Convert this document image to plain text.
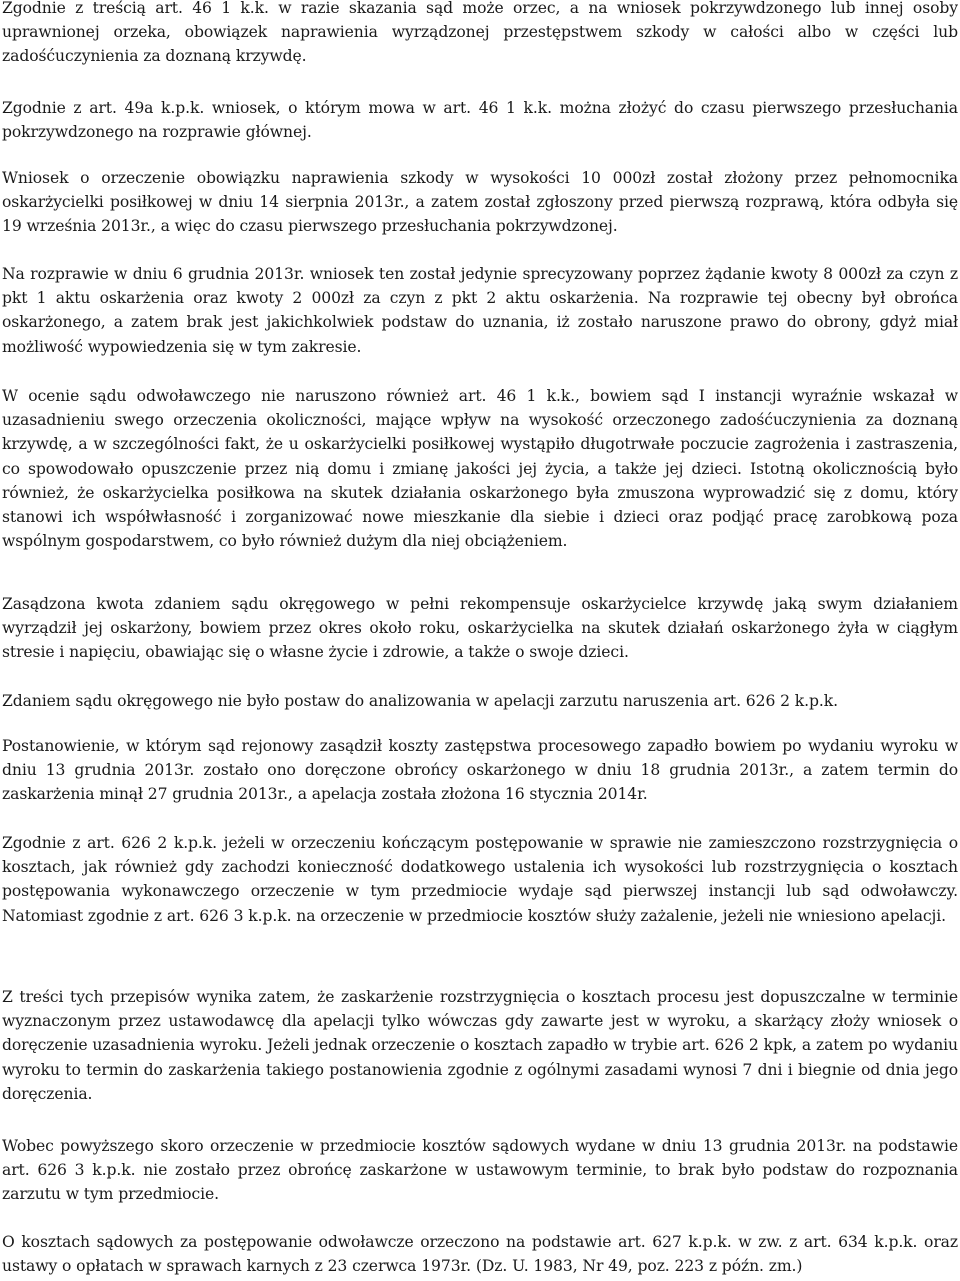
Zgodnie z treścią art. 46 1 k.k. w razie skazania sąd może orzec, a na wniosek pokrzywdzonego lub innej osoby uprawnionej orzeka, obowiązek naprawienia wyrządzonej przestępstwem szkody w całości albo w części lub zadośćuczynienia za doznaną krzywdę.

Zgodnie z art. 49a k.p.k. wniosek, o którym mowa w art. 46 1 k.k. można złożyć do czasu pierwszego przesłuchania pokrzywdzonego na rozprawie głównej.

Wniosek o orzeczenie obowiązku naprawienia szkody w wysokości 10 000zł został złożony przez pełnomocnika oskarżycielki posiłkowej w dniu 14 sierpnia 2013r., a zatem został zgłoszony przed pierwszą rozprawą, która odbyła się 19 września 2013r., a więc do czasu pierwszego przesłuchania pokrzywdzonej.

Na rozprawie w dniu 6 grudnia 2013r. wniosek ten został jedynie sprecyzowany poprzez żądanie kwoty 8 000zł za czyn z pkt 1 aktu oskarżenia oraz kwoty 2 000zł za czyn z pkt 2 aktu oskarżenia. Na rozprawie tej obecny był obrońca oskarżonego, a zatem brak jest jakichkolwiek podstaw do uznania, iż zostało naruszone prawo do obrony, gdyż miał możliwość wypowiedzenia się w tym zakresie.

W ocenie sądu odwoławczego nie naruszono również art. 46 1 k.k., bowiem sąd I instancji wyraźnie wskazał w uzasadnieniu swego orzeczenia okoliczności, mające wpływ na wysokość orzeczonego zadośćuczynienia za doznaną krzywdę, a w szczególności fakt, że u oskarżycielki posiłkowej wystąpiło długotrwałe poczucie zagrożenia i zastraszenia, co spowodowało opuszczenie przez nią domu i zmianę jakości jej życia, a także jej dzieci. Istotną okolicznością było również, że oskarżycielka posiłkowa na skutek działania oskarżonego była zmuszona wyprowadzić się z domu, który stanowi ich współwłasność i zorganizować nowe mieszkanie dla siebie i dzieci oraz podjąć pracę zarobkową poza wspólnym gospodarstwem, co było również dużym dla niej obciążeniem.

Zasądzona kwota zdaniem sądu okręgowego w pełni rekompensuje oskarżycielce krzywdę jaką swym działaniem wyrządził jej oskarżony, bowiem przez okres około roku, oskarżycielka na skutek działań oskarżonego żyła w ciągłym stresie i napięciu, obawiając się o własne życie i zdrowie, a także o swoje dzieci.

Zdaniem sądu okręgowego nie było postaw do analizowania w apelacji zarzutu naruszenia art. 626 2 k.p.k.

Postanowienie, w którym sąd rejonowy zasądził koszty zastępstwa procesowego zapadło bowiem po wydaniu wyroku w dniu 13 grudnia 2013r. zostało ono doręczone obrońcy oskarżonego w dniu 18 grudnia 2013r., a zatem termin do zaskarżenia minął 27 grudnia 2013r., a apelacja została złożona 16 stycznia 2014r.

Zgodnie z art. 626 2 k.p.k. jeżeli w orzeczeniu kończącym postępowanie w sprawie nie zamieszczono rozstrzygnięcia o kosztach, jak również gdy zachodzi konieczność dodatkowego ustalenia ich wysokości lub rozstrzygnięcia o kosztach postępowania wykonawczego orzeczenie w tym przedmiocie wydaje sąd pierwszej instancji lub sąd odwoławczy. Natomiast zgodnie z art. 626 3 k.p.k. na orzeczenie w przedmiocie kosztów służy zażalenie, jeżeli nie wniesiono apelacji.

Z treści tych przepisów wynika zatem, że zaskarżenie rozstrzygnięcia o kosztach procesu jest dopuszczalne w terminie wyznaczonym przez ustawodawcę dla apelacji tylko wówczas gdy zawarte jest w wyroku, a skarżący złoży wniosek o doręczenie uzasadnienia wyroku. Jeżeli jednak orzeczenie o kosztach zapadło w trybie art. 626 2 kpk, a zatem po wydaniu wyroku to termin do zaskarżenia takiego postanowienia zgodnie z ogólnymi zasadami wynosi 7 dni i biegnie od dnia jego doręczenia.

Wobec powyższego skoro orzeczenie w przedmiocie kosztów sądowych wydane w dniu 13 grudnia 2013r. na podstawie art. 626 3 k.p.k. nie zostało przez obrońcę zaskarżone w ustawowym terminie, to brak było podstaw do rozpoznania zarzutu w tym przedmiocie.

O kosztach sądowych za postępowanie odwoławcze orzeczono na podstawie art. 627 k.p.k. w zw. z art. 634 k.p.k. oraz ustawy o opłatach w sprawach karnych z 23 czerwca 1973r. (Dz. U. 1983, Nr 49, poz. 223 z późn. zm.)
